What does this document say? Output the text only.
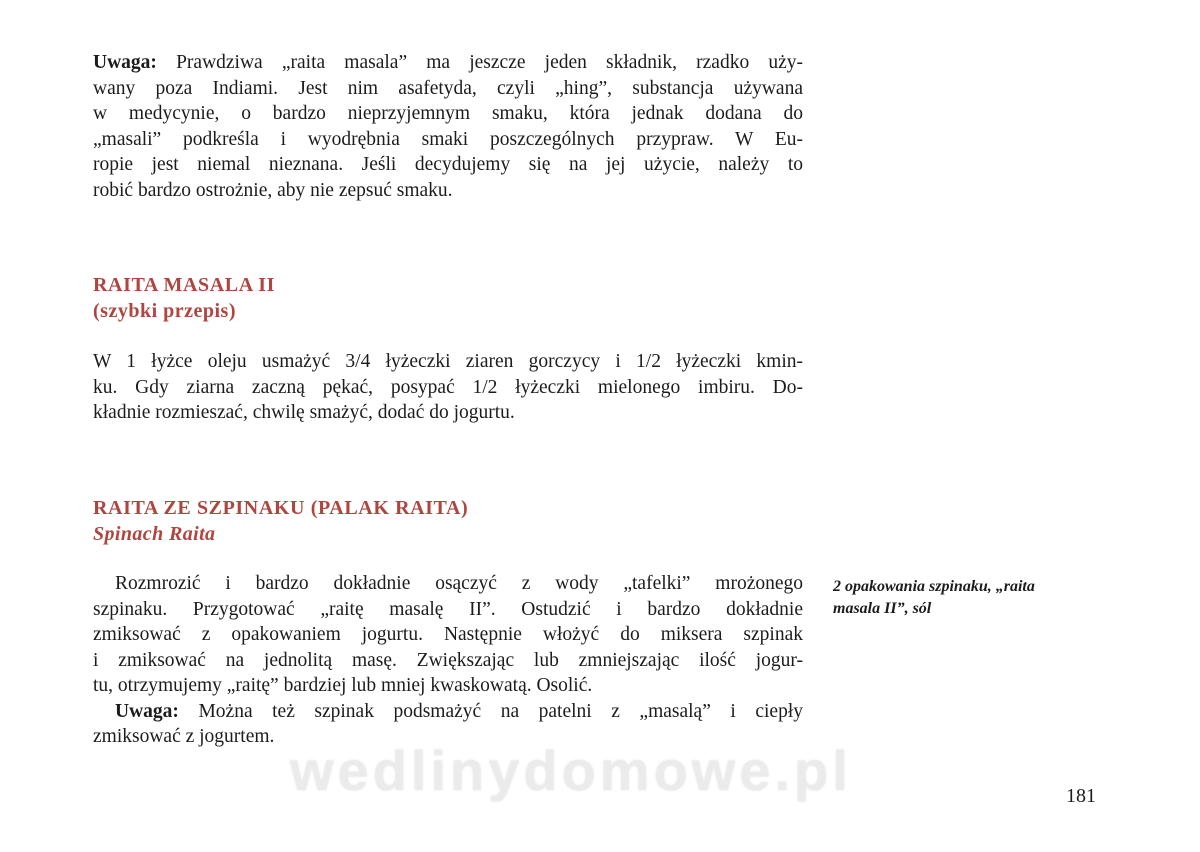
Uwaga: Prawdziwa „raita masala” ma jeszcze jeden składnik, rzadko uży-
wany poza Indiami. Jest nim asafetyda, czyli „hing”, substancja używana
w medycynie, o bardzo nieprzyjemnym smaku, która jednak dodana do
„masali” podkreśla i wyodrębnia smaki poszczególnych przypraw. W Eu-
ropie jest niemal nieznana. Jeśli decydujemy się na jej użycie, należy to
robić bardzo ostrożnie, aby nie zepsuć smaku.
RAITA MASALA II
(szybki przepis)
W 1 łyżce oleju usmażyć 3/4 łyżeczki ziaren gorczycy i 1/2 łyżeczki kmin-
ku. Gdy ziarna zaczną pękać, posypać 1/2 łyżeczki mielonego imbiru. Do-
kładnie rozmieszać, chwilę smażyć, dodać do jogurtu.
RAITA ZE SZPINAKU (PALAK RAITA)
Spinach Raita
Rozmrozić i bardzo dokładnie osączyć z wody „tafelki” mrożonego
szpinaku. Przygotować „raitę masalę II”. Ostudzić i bardzo dokładnie
zmiksować z opakowaniem jogurtu. Następnie włożyć do miksera szpinak
i zmiksować na jednolitą masę. Zwiększając lub zmniejszając ilość jogur-
tu, otrzymujemy „raitę” bardziej lub mniej kwaskowatą. Osolić.
Uwaga: Można też szpinak podsmażyć na patelni z „masalą” i ciepły
zmiksować z jogurtem.
2 opakowania szpinaku, „raita
masala II”, sól
wedlinydomowe.pl	181
